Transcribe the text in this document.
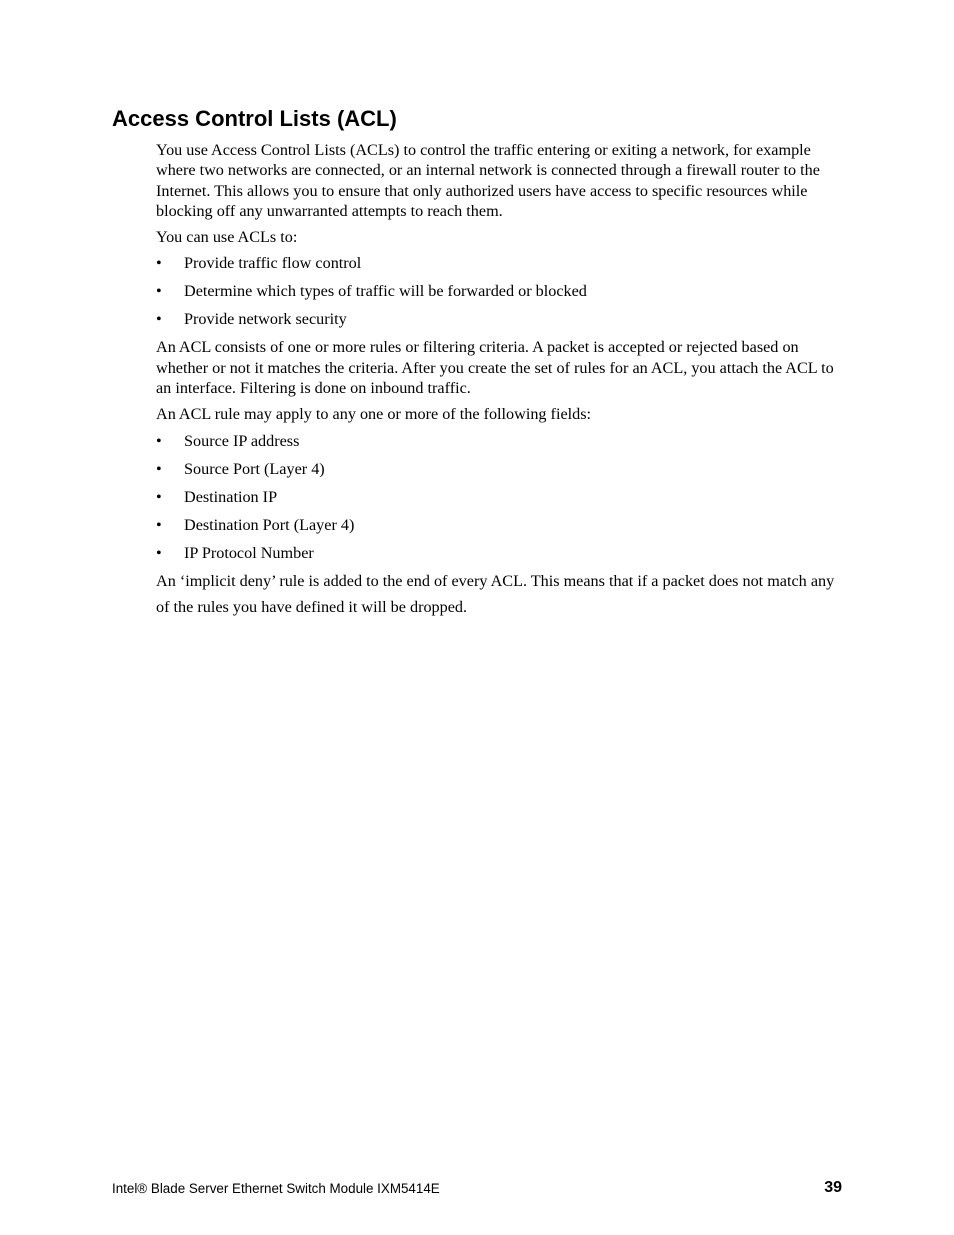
Access Control Lists (ACL)

You use Access Control Lists (ACLs) to control the traffic entering or exiting a network, for example where two networks are connected, or an internal network is connected through a firewall router to the Internet. This allows you to ensure that only authorized users have access to specific resources while blocking off any unwarranted attempts to reach them.

You can use ACLs to:

• Provide traffic flow control
• Determine which types of traffic will be forwarded or blocked
• Provide network security

An ACL consists of one or more rules or filtering criteria. A packet is accepted or rejected based on whether or not it matches the criteria. After you create the set of rules for an ACL, you attach the ACL to an interface. Filtering is done on inbound traffic.

An ACL rule may apply to any one or more of the following fields:

• Source IP address
• Source Port (Layer 4)
• Destination IP
• Destination Port (Layer 4)
• IP Protocol Number

An ‘implicit deny’ rule is added to the end of every ACL. This means that if a packet does not match any of the rules you have defined it will be dropped.

Intel® Blade Server Ethernet Switch Module IXM5414E	39
